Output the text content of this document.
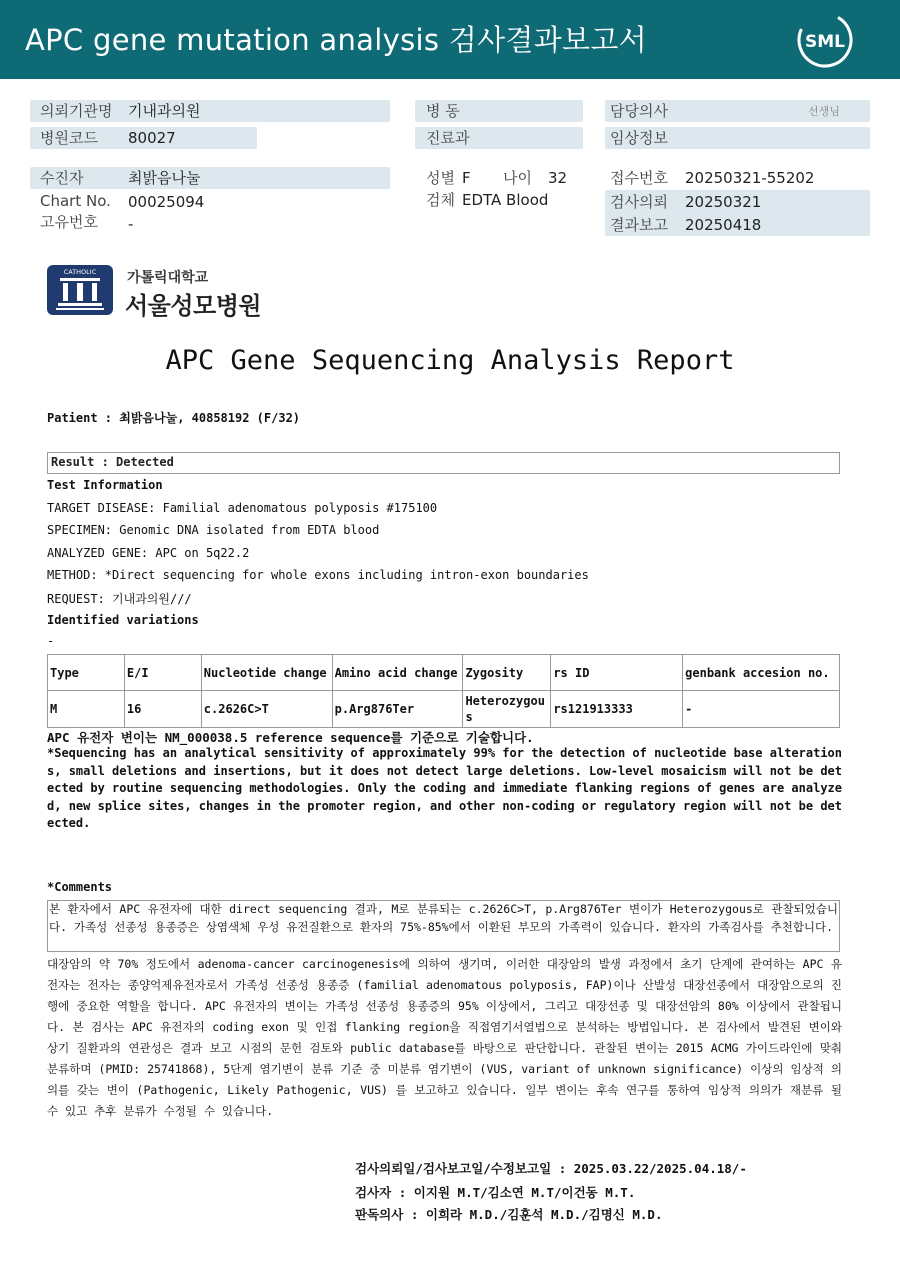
APC gene mutation analysis 검사결과보고서	SML
의뢰기관명 기내과의원
병원코드 80027
병 동
진료과
담당의사	선생님
임상정보
수진자	최밝음나눌
Chart No. 00025094
고유번호 -
성별 F 나이 32
검체 EDTA Blood
접수번호 20250321-55202
검사의뢰 20250321
결과보고 20250418
CATHOLIC 가톨릭대학교
서울성모병원
APC Gene Sequencing Analysis Report
Patient : 최밝음나눌, 40858192 (F/32)
Result : Detected
Test Information
TARGET DISEASE: Familial adenomatous polyposis #175100
SPECIMEN: Genomic DNA isolated from EDTA blood
ANALYZED GENE: APC on 5q22.2
METHOD: *Direct sequencing for whole exons including intron-exon boundaries
REQUEST: 기내과의원///
Identified variations
-
Type	E/I	Nucleotide change	Amino acid change	Zygosity	rs ID	genbank accesion no.
M	16	c.2626C>T	p.Arg876Ter	Heterozygous	rs121913333	-
APC 유전자 변이는 NM_000038.5 reference sequence를 기준으로 기술합니다.
*Sequencing has an analytical sensitivity of approximately 99% for the detection of nucleotide base alterations, small deletions and insertions, but it does not detect large deletions. Low-level mosaicism will not be detected by routine sequencing methodologies. Only the coding and immediate flanking regions of genes are analyzed, new splice sites, changes in the promoter region, and other non-coding or regulatory region will not be detected.
*Comments
본 환자에서 APC 유전자에 대한 direct sequencing 결과, M로 분류되는 c.2626C>T, p.Arg876Ter 변이가 Heterozygous로 관찰되었습니다. 가족성 선종성 용종증은 상염색체 우성 유전질환으로 환자의 75%-85%에서 이환된 부모의 가족력이 있습니다. 환자의 가족검사를 추천합니다.
대장암의 약 70% 정도에서 adenoma-cancer carcinogenesis에 의하여 생기며, 이러한 대장암의 발생 과정에서 초기 단계에 관여하는 APC 유전자는 전자는 종양억제유전자로서 가족성 선종성 용종증 (familial adenomatous polyposis, FAP)이나 산발성 대장선종에서 대장암으로의 진행에 중요한 역할을 합니다. APC 유전자의 변이는 가족성 선종성 용종증의 95% 이상에서, 그리고 대장선종 및 대장선암의 80% 이상에서 관찰됩니다. 본 검사는 APC 유전자의 coding exon 및 인접 flanking region을 직접염기서열법으로 분석하는 방법입니다. 본 검사에서 발견된 변이와 상기 질환과의 연관성은 결과 보고 시점의 문헌 검토와 public database를 바탕으로 판단합니다. 관찰된 변이는 2015 ACMG 가이드라인에 맞춰 분류하며 (PMID: 25741868), 5단계 염기변이 분류 기준 중 미분류 염기변이 (VUS, variant of unknown significance) 이상의 임상적 의의를 갖는 변이 (Pathogenic, Likely Pathogenic, VUS) 를 보고하고 있습니다. 일부 변이는 후속 연구를 통하여 임상적 의의가 재분류 될 수 있고 추후 분류가 수정될 수 있습니다.
검사의뢰일/검사보고일/수정보고일 : 2025.03.22/2025.04.18/-
검사자 : 이지원 M.T/김소연 M.T/이건동 M.T.
판독의사 : 이희라 M.D./김훈석 M.D./김명신 M.D.
